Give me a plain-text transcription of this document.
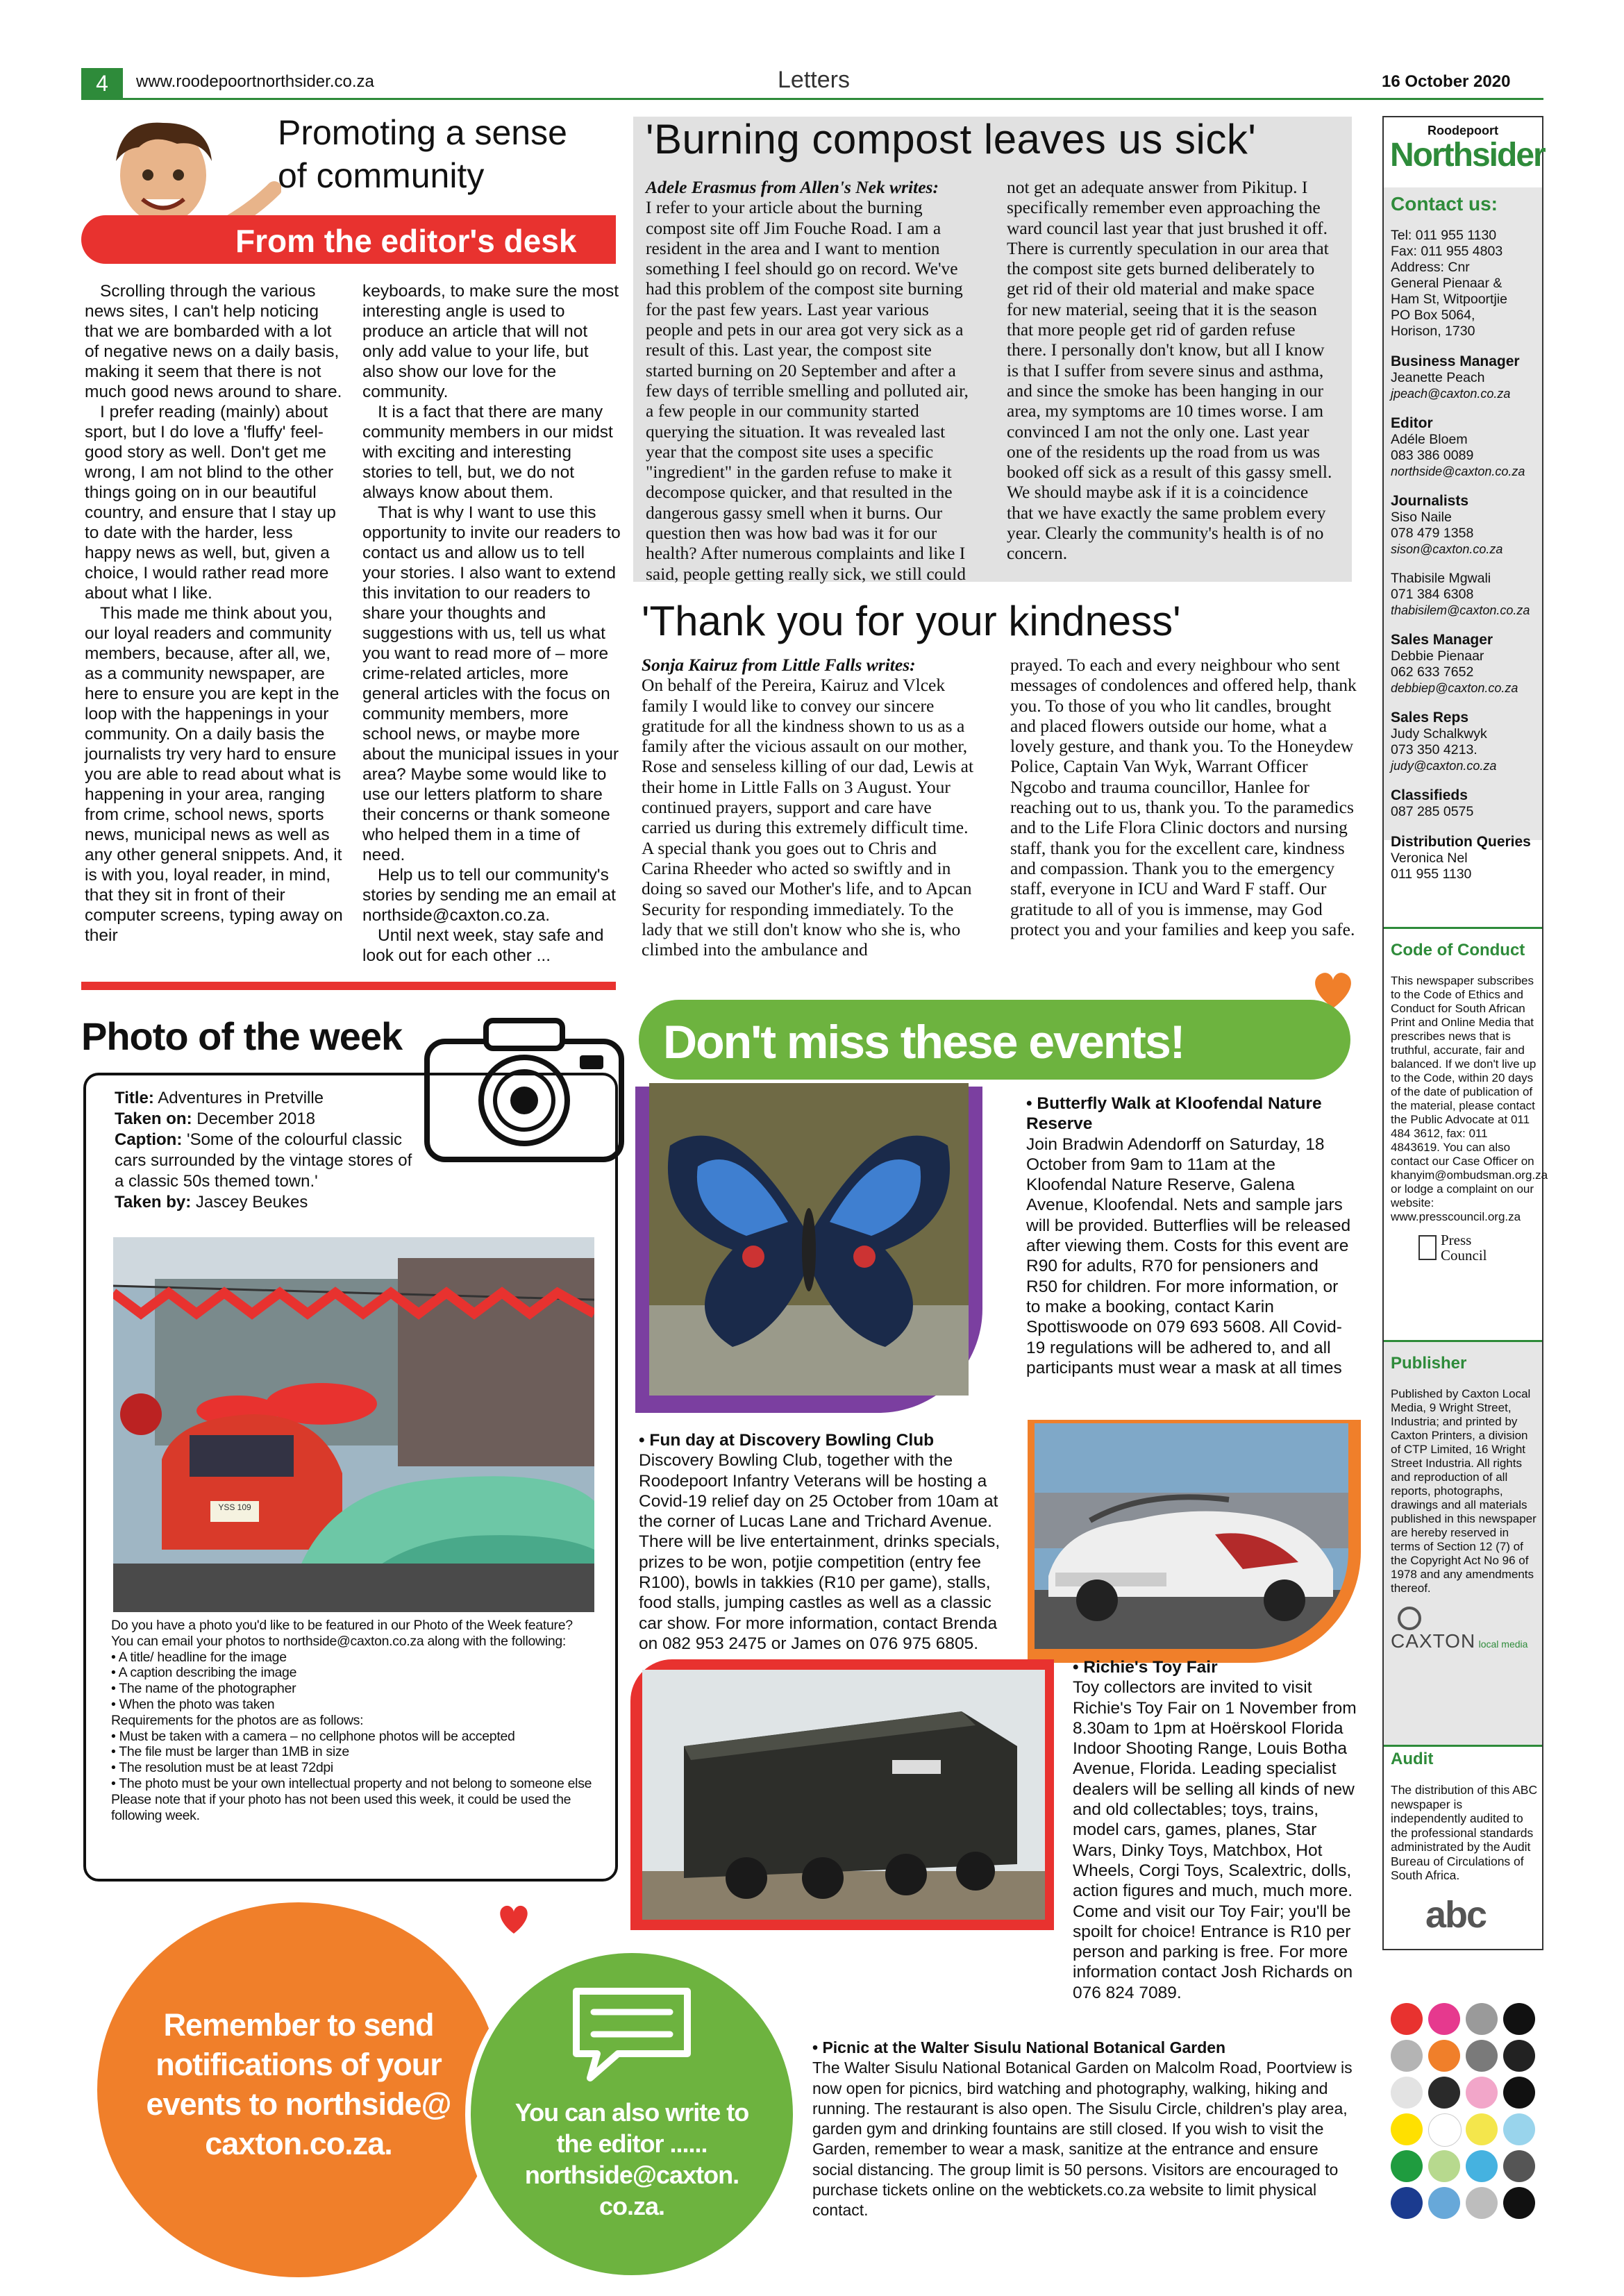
4	www.roodepoortnorthsider.co.za	Letters	16 October 2020
Promoting a sense
of community
From the editor's desk

Scrolling through the various news sites, I can't help noticing that we are bombarded with a lot of negative news on a daily basis, making it seem that there is not much good news around to share.

I prefer reading (mainly) about sport, but I do love a 'fluffy' feel-good story as well. Don't get me wrong, I am not blind to the other things going on in our beautiful country, and ensure that I stay up to date with the harder, less happy news as well, but, given a choice, I would rather read more about what I like.

This made me think about you, our loyal readers and community members, because, after all, we, as a community newspaper, are here to ensure you are kept in the loop with the happenings in your community. On a daily basis the journalists try very hard to ensure you are able to read about what is happening in your area, ranging from crime, school news, sports news, municipal news as well as any other general snippets. And, it is with you, loyal reader, in mind, that they sit in front of their computer screens, typing away on their

keyboards, to make sure the most interesting angle is used to produce an article that will not only add value to your life, but also show our love for the community.

It is a fact that there are many community members in our midst with exciting and interesting stories to tell, but, we do not always know about them.

That is why I want to use this opportunity to invite our readers to contact us and allow us to tell your stories. I also want to extend this invitation to our readers to share your thoughts and suggestions with us, tell us what you want to read more of – more crime-related articles, more general articles with the focus on community members, more school news, or maybe more about the municipal issues in your area? Maybe some would like to use our letters platform to share their concerns or thank someone who helped them in a time of need.

Help us to tell our community's stories by sending me an email at northside@caxton.co.za.

Until next week, stay safe and look out for each other ...

'Burning compost leaves us sick'

Adele Erasmus from Allen's Nek writes:

I refer to your article about the burning compost site off Jim Fouche Road. I am a resident in the area and I want to mention something I feel should go on record. We've had this problem of the compost site burning for the past few years. Last year various people and pets in our area got very sick as a result of this. Last year, the compost site started burning on 20 September and after a few days of terrible smelling and polluted air, a few people in our community started querying the situation. It was revealed last year that the compost site uses a specific "ingredient" in the garden refuse to make it decompose quicker, and that resulted in the dangerous gassy smell when it burns. Our question then was how bad was it for our health? After numerous complaints and like I said, people getting really sick, we still could

not get an adequate answer from Pikitup. I specifically remember even approaching the ward council last year that just brushed it off. There is currently speculation in our area that the compost site gets burned deliberately to get rid of their old material and make space for new material, seeing that it is the season that more people get rid of garden refuse there. I personally don't know, but all I know is that I suffer from severe sinus and asthma, and since the smoke has been hanging in our area, my symptoms are 10 times worse. I am convinced I am not the only one. Last year one of the residents up the road from us was booked off sick as a result of this gassy smell. We should maybe ask if it is a coincidence that we have exactly the same problem every year. Clearly the community's health is of no concern.

'Thank you for your kindness'

Sonja Kairuz from Little Falls writes:

On behalf of the Pereira, Kairuz and Vlcek family I would like to convey our sincere gratitude for all the kindness shown to us as a family after the vicious assault on our mother, Rose and senseless killing of our dad, Lewis at their home in Little Falls on 3 August. Your continued prayers, support and care have carried us during this extremely difficult time. A special thank you goes out to Chris and Carina Rheeder who acted so swiftly and in doing so saved our Mother's life, and to Apcan Security for responding immediately. To the lady that we still don't know who she is, who climbed into the ambulance and

prayed. To each and every neighbour who sent messages of condolences and offered help, thank you. To those of you who lit candles, brought and placed flowers outside our home, what a lovely gesture, and thank you. To the Honeydew Police, Captain Van Wyk, Warrant Officer Ngcobo and trauma councillor, Hanlee for reaching out to us, thank you. To the paramedics and to the Life Flora Clinic doctors and nursing staff, thank you for the excellent care, kindness and compassion. Thank you to the emergency staff, everyone in ICU and Ward F staff. Our gratitude to all of you is immense, may God protect you and your families and keep you safe.

Roodepoort
Northsider
Contact us:
Tel: 011 955 1130
Fax: 011 955 4803
Address: Cnr
General Pienaar &
Ham St, Witpoortjie
PO Box 5064,
Horison, 1730
Business Manager
Jeanette Peach
jpeach@caxton.co.za
Editor
Adéle Bloem
083 386 0089
northside@caxton.co.za
Journalists
Siso Naile
078 479 1358
sison@caxton.co.za
Thabisile Mgwali
071 384 6308
thabisilem@caxton.co.za
Sales Manager
Debbie Pienaar
062 633 7652
debbiep@caxton.co.za
Sales Reps
Judy Schalkwyk
073 350 4213.
judy@caxton.co.za
Classifieds
087 285 0575
Distribution Queries
Veronica Nel
011 955 1130
Code of Conduct
This newspaper subscribes to the Code of Ethics and Conduct for South African Print and Online Media that prescribes news that is truthful, accurate, fair and balanced. If we don't live up to the Code, within 20 days of the date of publication of the material, please contact the Public Advocate at 011 484 3612, fax: 011 4843619. You can also contact our Case Officer on khanyim@ombudsman.org.za or lodge a complaint on our website: www.presscouncil.org.za
Press Council
Publisher
Published by Caxton Local Media, 9 Wright Street, Industria; and printed by Caxton Printers, a division of CTP Limited, 16 Wright Street Industria. All rights and reproduction of all reports, photographs, drawings and all materials published in this newspaper are hereby reserved in terms of Section 12 (7) of the Copyright Act No 96 of 1978 and any amendments thereof.
CAXTON local media
Audit
The distribution of this ABC newspaper is independently audited to the professional standards administrated by the Audit Bureau of Circulations of South Africa.
abc
Photo of the week
Title: Adventures in Pretville
Taken on: December 2018
Caption: 'Some of the colourful classic cars surrounded by the vintage stores of a classic 50s themed town.'
Taken by: Jascey Beukes
YSS 109
Do you have a photo you'd like to be featured in our Photo of the Week feature?
You can email your photos to northside@caxton.co.za along with the following:
• A title/ headline for the image
• A caption describing the image
• The name of the photographer
• When the photo was taken
Requirements for the photos are as follows:
• Must be taken with a camera – no cellphone photos will be accepted
• The file must be larger than 1MB in size
• The resolution must be at least 72dpi
• The photo must be your own intellectual property and not belong to someone else
Please note that if your photo has not been used this week, it could be used the following week.
Don't miss these events!
• Butterfly Walk at Kloofendal Nature Reserve
Join Bradwin Adendorff on Saturday, 18 October from 9am to 11am at the Kloofendal Nature Reserve, Galena Avenue, Kloofendal. Nets and sample jars will be provided. Butterflies will be released after viewing them. Costs for this event are R90 for adults, R70 for pensioners and R50 for children. For more information, or to make a booking, contact Karin Spottiswoode on 079 693 5608. All Covid-19 regulations will be adhered to, and all participants must wear a mask at all times
• Fun day at Discovery Bowling Club
Discovery Bowling Club, together with the Roodepoort Infantry Veterans will be hosting a Covid-19 relief day on 25 October from 10am at the corner of Lucas Lane and Trichard Avenue. There will be live entertainment, drinks specials, prizes to be won, potjie competition (entry fee R100), bowls in takkies (R10 per game), stalls, food stalls, jumping castles as well as a classic car show. For more information, contact Brenda on 082 953 2475 or James on 076 975 6805.
• Richie's Toy Fair
Toy collectors are invited to visit Richie's Toy Fair on 1 November from 8.30am to 1pm at Hoërskool Florida Indoor Shooting Range, Louis Botha Avenue, Florida. Leading specialist dealers will be selling all kinds of new and old collectables; toys, trains, model cars, games, planes, Star Wars, Dinky Toys, Matchbox, Hot Wheels, Corgi Toys, Scalextric, dolls, action figures and much, much more. Come and visit our Toy Fair; you'll be spoilt for choice! Entrance is R10 per person and parking is free. For more information contact Josh Richards on 076 824 7089.
• Picnic at the Walter Sisulu National Botanical Garden
The Walter Sisulu National Botanical Garden on Malcolm Road, Poortview is now open for picnics, bird watching and photography, walking, hiking and running. The restaurant is also open. The Sisulu Circle, children's play area, garden gym and drinking fountains are still closed. If you wish to visit the Garden, remember to wear a mask, sanitize at the entrance and ensure social distancing. The group limit is 50 persons. Visitors are encouraged to purchase tickets online on the webtickets.co.za website to limit physical contact.
Remember to send notifications of your events to northside@ caxton.co.za.
You can also write to the editor ...... northside@caxton. co.za.
